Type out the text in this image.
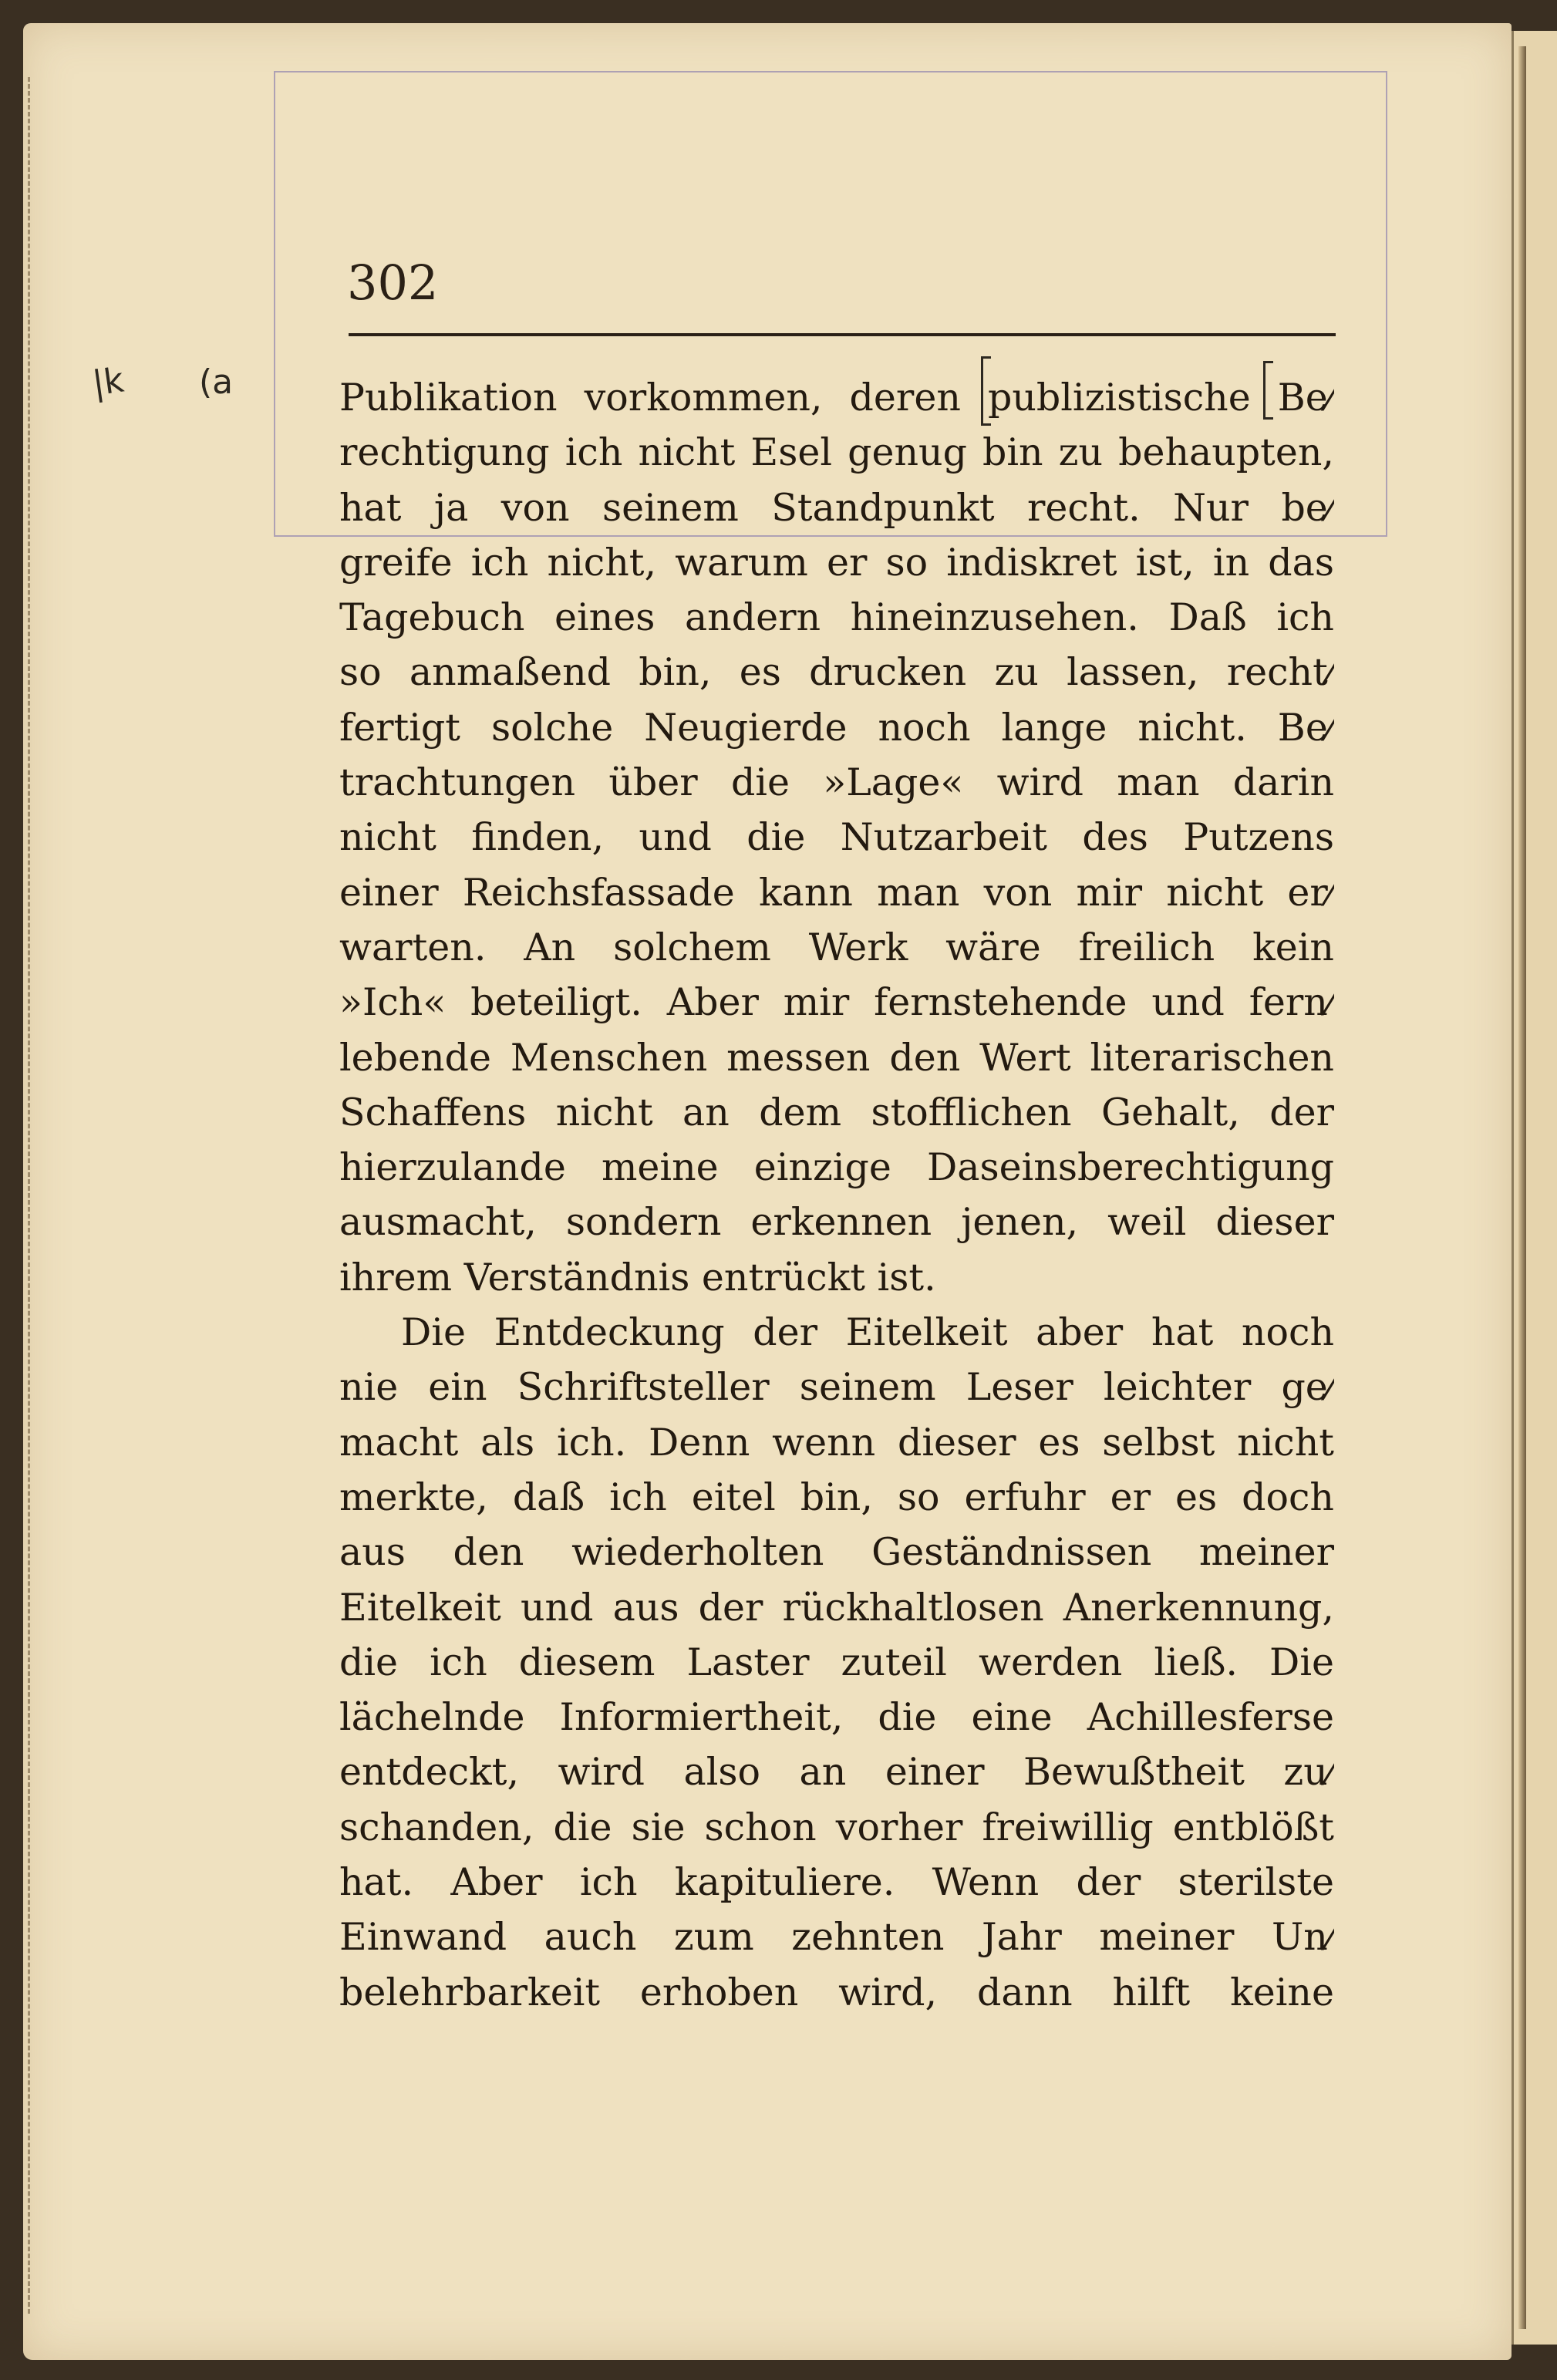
|k (a
302
Publikation vorkommen, deren publizistische Be⁄
rechtigung ich nicht Esel genug bin zu behaupten,
hat ja von seinem Standpunkt recht. Nur be⁄
greife ich nicht, warum er so indiskret ist, in das
Tagebuch eines andern hineinzusehen. Daß ich
so anmaßend bin, es drucken zu lassen, recht⁄
fertigt solche Neugierde noch lange nicht. Be⁄
trachtungen über die »Lage« wird man darin
nicht finden, und die Nutzarbeit des Putzens
einer Reichsfassade kann man von mir nicht er⁄
warten. An solchem Werk wäre freilich kein
»Ich« beteiligt. Aber mir fernstehende und fern⁄
lebende Menschen messen den Wert literarischen
Schaffens nicht an dem stofflichen Gehalt, der
hierzulande meine einzige Daseinsberechtigung
ausmacht, sondern erkennen jenen, weil dieser
ihrem Verständnis entrückt ist.
Die Entdeckung der Eitelkeit aber hat noch
nie ein Schriftsteller seinem Leser leichter ge⁄
macht als ich. Denn wenn dieser es selbst nicht
merkte, daß ich eitel bin, so erfuhr er es doch
aus den wiederholten Geständnissen meiner
Eitelkeit und aus der rückhaltlosen Anerkennung,
die ich diesem Laster zuteil werden ließ. Die
lächelnde Informiertheit, die eine Achillesferse
entdeckt, wird also an einer Bewußtheit zu⁄
schanden, die sie schon vorher freiwillig entblößt
hat. Aber ich kapituliere. Wenn der sterilste
Einwand auch zum zehnten Jahr meiner Un⁄
belehrbarkeit erhoben wird, dann hilft keine
